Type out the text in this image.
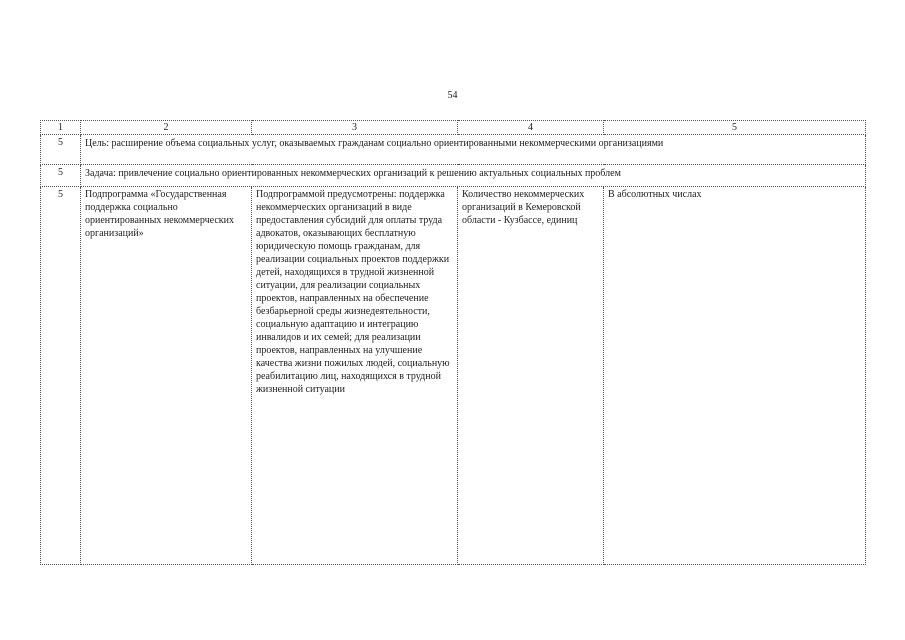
54
1	2	3	4	5
5	Цель: расширение объема социальных услуг, оказываемых гражданам социально ориентированными некоммерческими организациями			
5	Задача: привлечение социально ориентированных некоммерческих организаций к решению актуальных социальных проблем			
5	Подпрограмма «Государственная поддержка социально ориентированных некоммерческих организаций»	Подпрограммой предусмотрены: поддержка некоммерческих организаций в виде предоставления субсидий для оплаты труда адвокатов, оказывающих бесплатную юридическую помощь гражданам, для реализации социальных проектов поддержки детей, находящихся в трудной жизненной ситуации, для реализации социальных проектов, направленных на обеспечение безбарьерной среды жизнедеятельности, социальную адаптацию и интеграцию инвалидов и их семей; для реализации проектов, направленных на улучшение качества жизни пожилых людей, социальную реабилитацию лиц, находящихся в трудной жизненной ситуации	Количество некоммерческих организаций в Кемеровской области - Кузбассе, единиц	В абсолютных числах
